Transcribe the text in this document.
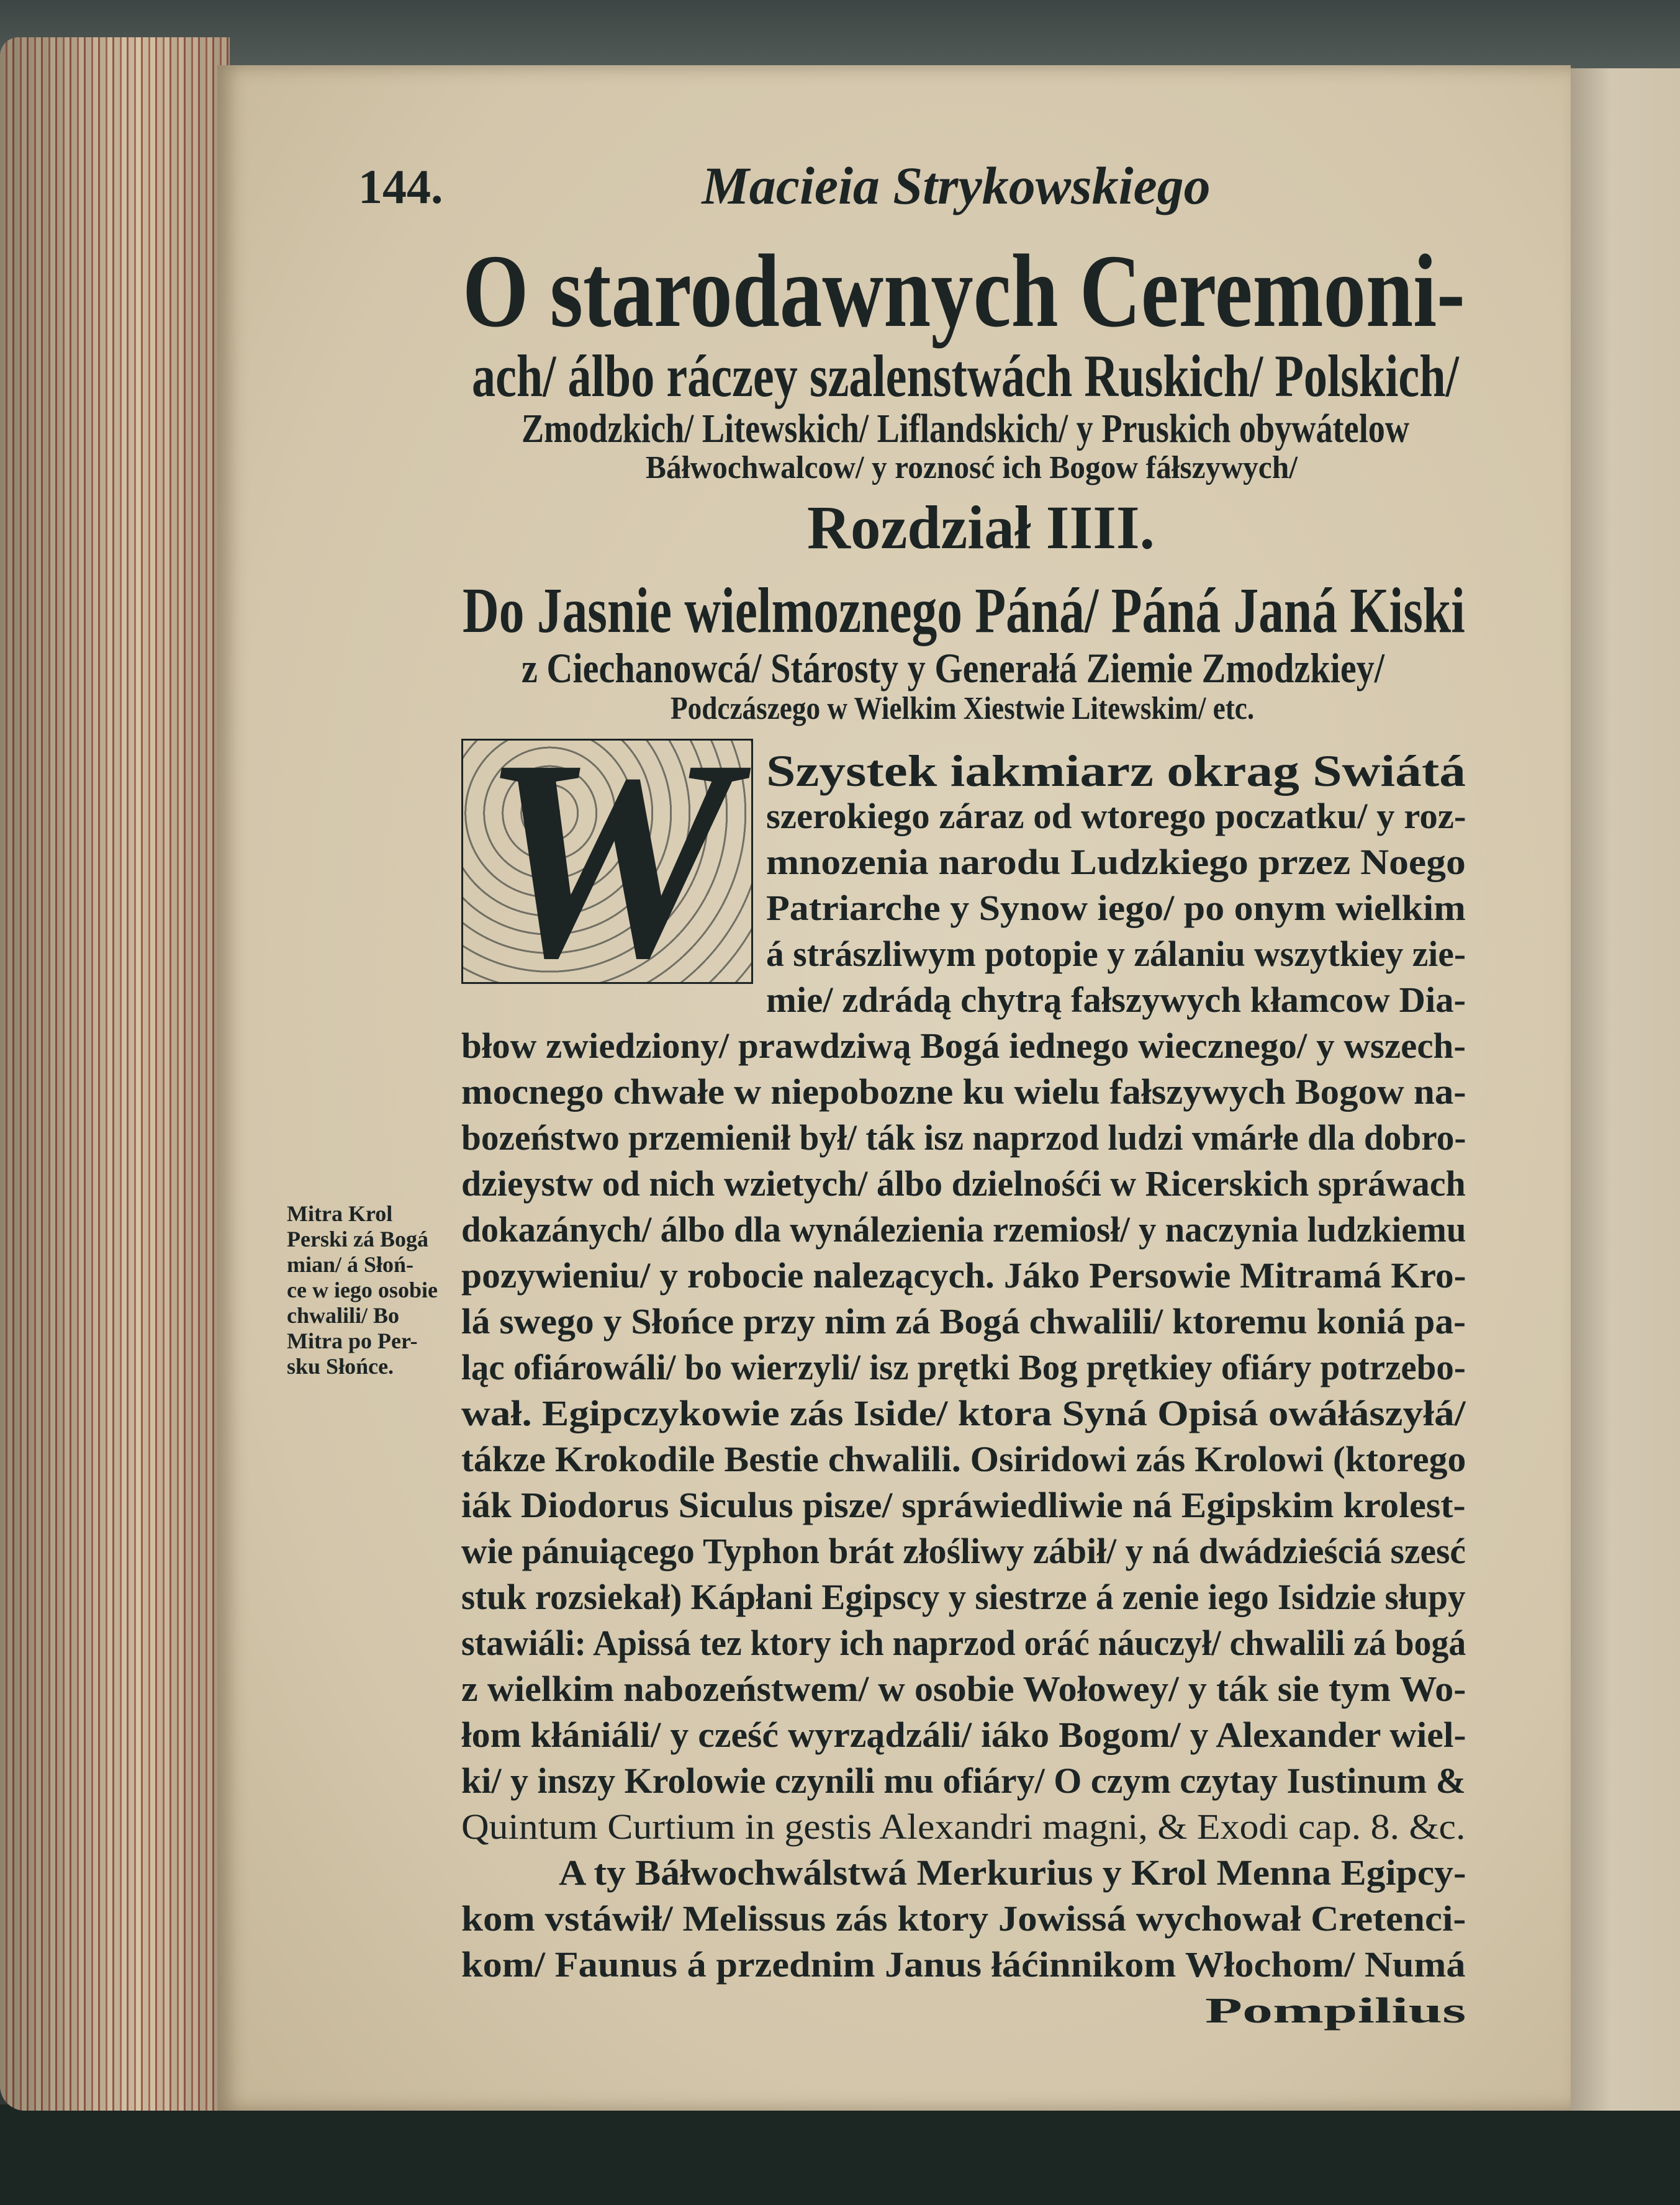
144.	Macieia Strykowskiego
O starodawnych Ceremoni-
ach/ álbo ráczey szalenstwách Ruskich/ Polskich/
Zmodzkich/ Litewskich/ Liflandskich/ y Pruskich obywátelow
Báłwochwalcow/ y roznosć ich Bogow fáłszywych/
Rozdział IIII.
Do Jasnie wielmoznego Páná/ Páná Janá Kiski
z Ciechanowcá/ Stárosty y Generałá Ziemie Zmodzkiey/
Podczászego w Wielkim Xiestwie Litewskim/ etc.
W Szystek iakmiarz okrag Swiátá
szerokiego záraz od wtorego poczatku/ y roz-
mnozenia narodu Ludzkiego przez Noego
Patriarche y Synow iego/ po onym wielkim
á strászliwym potopie y zálaniu wszytkiey zie-
mie/ zdrádą chytrą fałszywych kłamcow Dia-
błow zwiedziony/ prawdziwą Bogá iednego wiecznego/ y wszech-
mocnego chwałe w niepobozne ku wielu fałszywych Bogow na-
bozeństwo przemienił był/ ták isz naprzod ludzi vmárłe dla dobro-
dzieystw od nich wzietych/ álbo dzielnośći w Ricerskich spráwach
dokazánych/ álbo dla wynálezienia rzemiosł/ y naczynia ludzkiemu
pozywieniu/ y robocie nalezących. Jáko Persowie Mitramá Kro-
lá swego y Słońce przy nim zá Bogá chwalili/ ktoremu koniá pa-
ląc ofiárowáli/ bo wierzyli/ isz prętki Bog prętkiey ofiáry potrzebo-
wał. Egipczykowie zás Iside/ ktora Syná Opisá owáłászyłá/
tákze Krokodile Bestie chwalili. Osiridowi zás Krolowi (ktorego
iák Diodorus Siculus pisze/ spráwiedliwie ná Egipskim krolest-
wie pánuiącego Typhon brát złośliwy zábił/ y ná dwádzieściá szesć
stuk rozsiekał) Kápłani Egipscy y siestrze á zenie iego Isidzie słupy
stawiáli: Apissá tez ktory ich naprzod oráć náuczył/ chwalili zá bogá
z wielkim nabozeństwem/ w osobie Wołowey/ y ták sie tym Wo-
łom kłániáli/ y cześć wyrządzáli/ iáko Bogom/ y Alexander wiel-
ki/ y inszy Krolowie czynili mu ofiáry/ O czym czytay Iustinum &
Quintum Curtium in gestis Alexandri magni, & Exodi cap. 8. &c.
A ty Báłwochwálstwá Merkurius y Krol Menna Egipcy-
kom vstáwił/ Melissus zás ktory Jowissá wychował Cretenci-
kom/ Faunus á przednim Janus łáćinnikom Włochom/ Numá
Pompilius
Mitra Krol
Perski zá Bogá
mian/ á Słoń-
ce w iego osobie
chwalili/ Bo
Mitra po Per-
sku Słońce.
